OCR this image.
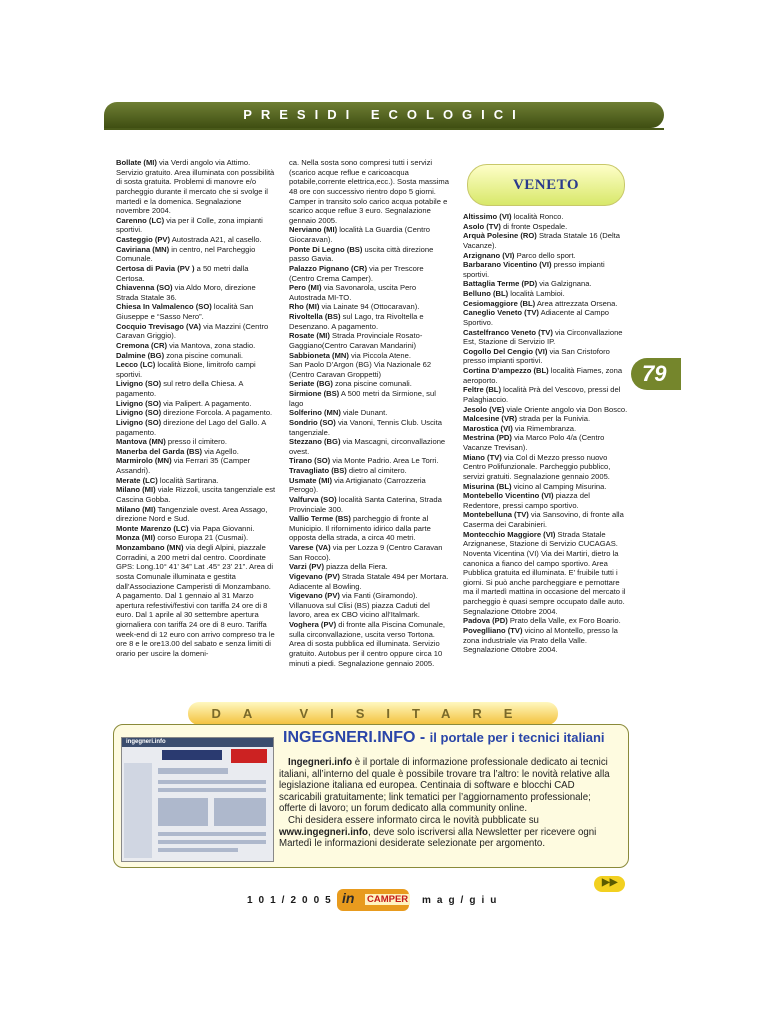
PRESIDI ECOLOGICI

Bollate (MI) via Verdi angolo via Attimo. Servizio gratuito. Area illuminata con possibilità di sosta gratuita. Problemi di manovre e/o parcheggio durante il mercato che si svolge il martedì e la domenica. Segnalazione novembre 2004.

Carenno (LC) via per il Colle, zona impianti sportivi.

Casteggio (PV) Autostrada A21, al casello.

Caviriana (MN) in centro, nel Parcheggio Comunale.

Certosa di Pavia (PV ) a 50 metri dalla Certosa.

Chiavenna (SO) via Aldo Moro, direzione Strada Statale 36.

Chiesa In Valmalenco (SO) località San Giuseppe e “Sasso Nero”.

Cocquio Trevisago (VA) via Mazzini (Centro Caravan Griggio).

Cremona (CR) via Mantova, zona stadio.

Dalmine (BG) zona piscine comunali.

Lecco (LC) località Bione, limitrofo campi sportivi.

Livigno (SO) sul retro della Chiesa. A pagamento.

Livigno (SO) via Palipert. A pagamento.

Livigno (SO) direzione Forcola. A pagamento.

Livigno (SO) direzione del Lago del Gallo. A pagamento.

Mantova (MN) presso il cimitero.

Manerba del Garda (BS) via Agello.

Marmirolo (MN) via Ferrari 35 (Camper Assandri).

Merate (LC) località Sartirana.

Milano (MI) viale Rizzoli, uscita tangenziale est Cascina Gobba.

Milano (MI) Tangenziale ovest. Area Assago, direzione Nord e Sud.

Monte Marenzo (LC) via Papa Giovanni.

Monza (MI) corso Europa 21 (Cusmai).

Monzambano (MN) via degli Alpini, piazzale Corradini, a 200 metri dal centro. Coordinate GPS: Long.10° 41’ 34” Lat .45° 23’ 21”. Area di sosta Comunale illuminata e gestita dall’Associazione Camperisti di Monzambano. A pagamento. Dal 1 gennaio al 31 Marzo apertura refestivi/festivi con tariffa 24 ore di 8 euro. Dal 1 aprile al 30 settembre apertura giornaliera con tariffa 24 ore di 8 euro. Tariffa week-end di 12 euro con arrivo compreso tra le ore 8 e le ore13.00 del sabato e senza limiti di orario per uscire la domeni-

ca. Nella sosta sono compresi tutti i servizi (scarico acque reflue e caricoacqua potabile,corrente elettrica,ecc.). Sosta massima 48 ore con successivo rientro dopo 5 giorni. Camper in transito solo carico acqua potabile e scarico acque reflue 3 euro. Segnalazione gennaio 2005.

Nerviano (MI) località La Guardia (Centro Giocaravan).

Ponte Di Legno (BS) uscita città direzione passo Gavia.

Palazzo Pignano (CR) via per Trescore (Centro Crema Camper).

Pero (MI) via Savonarola, uscita Pero Autostrada MI-TO.

Rho (MI) via Lainate 94 (Ottocaravan).

Rivoltella (BS) sul Lago, tra Rivoltella e Desenzano. A pagamento.

Rosate (MI) Strada Provinciale Rosato-Gaggiano(Centro Caravan Mandarini)

Sabbioneta (MN) via Piccola Atene.

San Paolo D’Argon (BG) Via Nazionale 62 (Centro Caravan Groppetti)

Seriate (BG) zona piscine comunali.

Sirmione (BS) A 500 metri da Sirmione, sul lago

Solferino (MN) viale Dunant.

Sondrio (SO) via Vanoni, Tennis Club. Uscita tangenziale.

Stezzano (BG) via Mascagni, circonvallazione ovest.

Tirano (SO) via Monte Padrio. Area Le Torri.

Travagliato (BS) dietro al cimitero.

Usmate (MI) via Artigianato (Carrozzeria Perogo).

Valfurva (SO) località Santa Caterina, Strada Provinciale 300.

Vallio Terme (BS) parcheggio di fronte al Municipio. Il rifornimento idirico dalla parte opposta della strada, a circa 40 metri.

Varese (VA) via per Lozza 9 (Centro Caravan San Rocco).

Varzi (PV) piazza della Fiera.

Vigevano (PV) Strada Statale 494 per Mortara. Adiacente al Bowling.

Vigevano (PV) via Fanti (Giramondo). Villanuova sul Clisi (BS) piazza Caduti del lavoro, area ex CBO vicino all’Italmark.

Voghera (PV) di fronte alla Piscina Comunale, sulla circonvallazione, uscita verso Tortona. Area di sosta pubblica ed illuminata. Servizio gratuito. Autobus per il centro oppure circa 10 minuti a piedi. Segnalazione gennaio 2005.

VENETO

Altissimo (VI) località Ronco.

Asolo (TV) di fronte Ospedale.

Arquà Polesine (RO) Strada Statale 16 (Delta Vacanze).

Arzignano (VI) Parco dello sport.

Barbarano Vicentino (VI) presso impianti sportivi.

Battaglia Terme (PD) via Galzignana.

Belluno (BL) località Lambioi.

Cesiomaggiore (BL) Area attrezzata Orsena.

Caneglio Veneto (TV) Adiacente al Campo Sportivo.

Castelfranco Veneto (TV) via Circonvallazione Est, Stazione di Servizio IP.

Cogollo Del Cengio (VI) via San Cristoforo presso impianti sportivi.

Cortina D’ampezzo (BL) località Fiames, zona aeroporto.

Feltre (BL) località Prà del Vescovo, pressi del Palaghiaccio.

Jesolo (VE) viale Oriente angolo via Don Bosco.

Malcesine (VR) strada per la Funivia.

Marostica (VI) via Rimembranza.

Mestrina (PD) via Marco Polo 4/a (Centro Vacanze Trevisan).

Miano (TV) via Col di Mezzo presso nuovo Centro Polifunzionale. Parcheggio pubblico, servizi gratuiti. Segnalazione gennaio 2005.

Misurina (BL) vicino al Camping Misurina.

Montebello Vicentino (VI) piazza del Redentore, pressi campo sportivo.

Montebelluna (TV) via Sansovino, di fronte alla Caserma dei Carabinieri.

Montecchio Maggiore (VI) Strada Statale Arzignanese, Stazione di Servizio CUCAGAS. Noventa Vicentina (VI) Via dei Martiri, dietro la canonica a fianco del campo sportivo. Area Pubblica gratuita ed illuminata. E’ fruibile tutti i giorni. Si può anche parcheggiare e pernottare ma il martedì mattina in occasione del mercato il parcheggio è quasi sempre occupato dalle auto. Segnalazione Ottobre 2004.

Padova (PD) Prato della Valle, ex Foro Boario.

Poveglliano (TV) vicino al Montello, presso la zona industriale via Prato della Valle. Segnalazione Ottobre 2004.

79
DA VISITARE
ingegneri.info	INGEGNERI.INFO - il portale per i tecnici italiani

Ingegneri.info è il portale di informazione professionale dedicato ai tecnici italiani, all’interno del quale è possibile trovare tra l’altro: le novità relative alla legislazione italiana ed europea. Centinaia di software e blocchi CAD scaricabili gratuitamente; link tematici per l’aggiornamento professionale; offerte di lavoro; un forum dedicato alla community online.

Chi desidera essere informato circa le novità pubblicate su www.ingegneri.info, deve solo iscriversi alla Newsletter per ricevere ogni Martedì le informazioni desiderate selezionate per argomento.

▶▶
101/2005 in CAMPER mag/giu
